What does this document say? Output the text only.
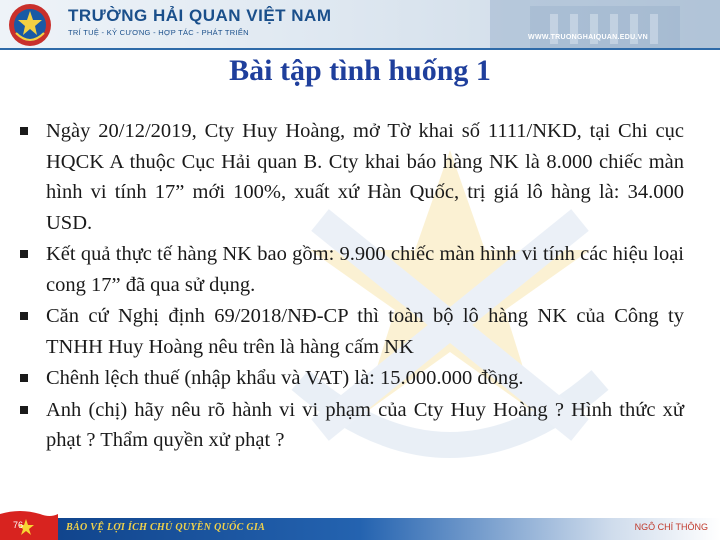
TRƯỜNG HẢI QUAN VIỆT NAM
TRÍ TUỆ - KỶ CƯƠNG - HỢP TÁC - PHÁT TRIỂN
WWW.TRUONGHAIQUAN.EDU.VN
Bài tập tình huống 1
Ngày 20/12/2019, Cty Huy Hoàng, mở Tờ khai số 1111/NKD, tại Chi cục HQCK A thuộc Cục Hải quan B. Cty khai báo hàng NK là 8.000 chiếc màn hình vi tính 17” mới 100%, xuất xứ Hàn Quốc, trị giá lô hàng là: 34.000 USD.
Kết quả thực tế hàng NK bao gồm: 9.900 chiếc màn hình vi tính các hiệu loại cong 17” đã qua sử dụng.
Căn cứ Nghị định 69/2018/NĐ-CP thì toàn bộ lô hàng NK của Công ty TNHH Huy Hoàng nêu trên là hàng cấm NK
Chênh lệch thuế (nhập khẩu và VAT) là: 15.000.000 đồng.
Anh (chị) hãy nêu rõ hành vi vi phạm của Cty Huy Hoàng ? Hình thức xử phạt ? Thẩm quyền xử phạt ?
76	BẢO VỆ LỢI ÍCH CHỦ QUYỀN QUỐC GIA	NGÔ CHÍ THÔNG
